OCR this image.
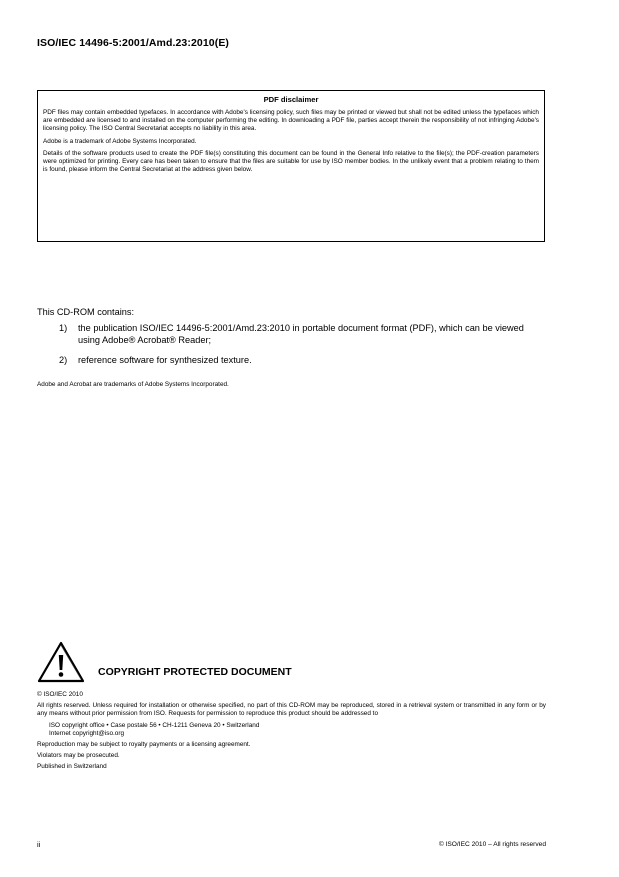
ISO/IEC 14496-5:2001/Amd.23:2010(E)
PDF disclaimer

PDF files may contain embedded typefaces. In accordance with Adobe's licensing policy, such files may be printed or viewed but shall not be edited unless the typefaces which are embedded are licensed to and installed on the computer performing the editing. In downloading a PDF file, parties accept therein the responsibility of not infringing Adobe's licensing policy. The ISO Central Secretariat accepts no liability in this area.

Adobe is a trademark of Adobe Systems Incorporated.

Details of the software products used to create the PDF file(s) constituting this document can be found in the General Info relative to the file(s); the PDF-creation parameters were optimized for printing. Every care has been taken to ensure that the files are suitable for use by ISO member bodies. In the unlikely event that a problem relating to them is found, please inform the Central Secretariat at the address given below.

This CD-ROM contains:
1) the publication ISO/IEC 14496-5:2001/Amd.23:2010 in portable document format (PDF), which can be viewed using Adobe® Acrobat® Reader;
2) reference software for synthesized texture.
Adobe and Acrobat are trademarks of Adobe Systems Incorporated.
COPYRIGHT PROTECTED DOCUMENT

© ISO/IEC 2010

All rights reserved. Unless required for installation or otherwise specified, no part of this CD-ROM may be reproduced, stored in a retrieval system or transmitted in any form or by any means without prior permission from ISO. Requests for permission to reproduce this product should be addressed to

ISO copyright office • Case postale 56 • CH-1211 Geneva 20 • Switzerland

Internet copyright@iso.org

Reproduction may be subject to royalty payments or a licensing agreement.

Violators may be prosecuted.

Published in Switzerland

ii	© ISO/IEC 2010 – All rights reserved
